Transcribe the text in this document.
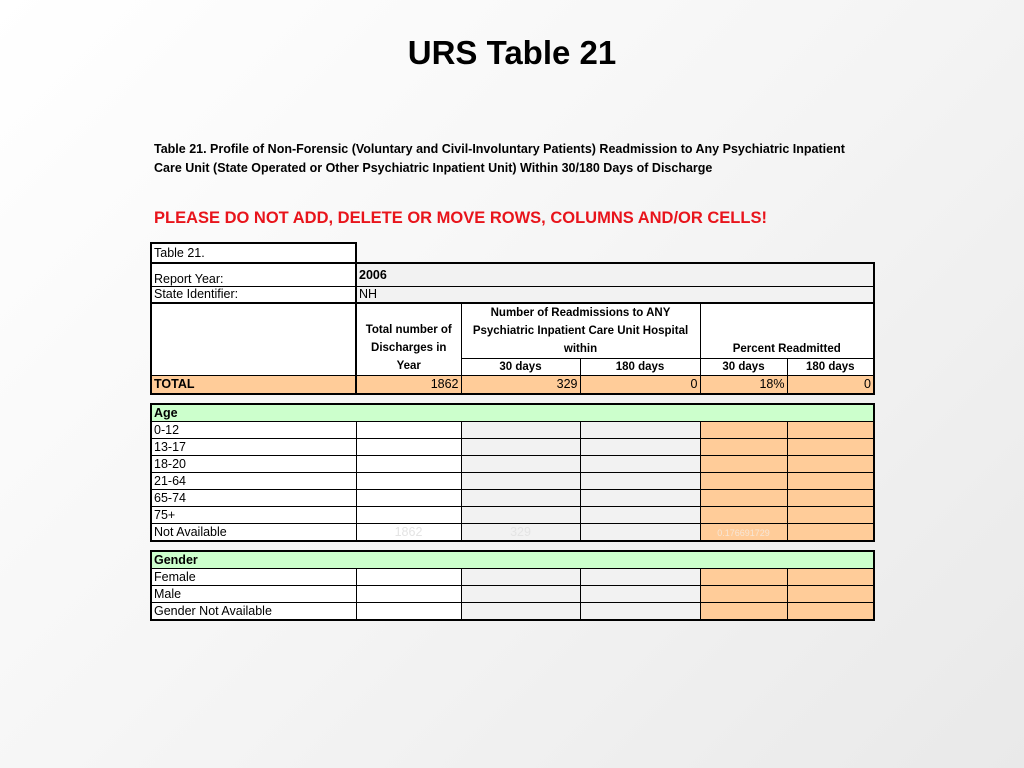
URS Table 21
Table 21. Profile of Non-Forensic (Voluntary and Civil-Involuntary Patients) Readmission to Any Psychiatric Inpatient Care Unit (State Operated or Other Psychiatric Inpatient Unit) Within 30/180 Days of Discharge
PLEASE DO NOT ADD, DELETE OR MOVE ROWS, COLUMNS AND/OR CELLS!
Table 21.					
Report Year:	2006				
State Identifier:	NH				
	Total number of Discharges in Year	Number of Readmissions to ANY Psychiatric Inpatient Care Unit Hospital within		Percent Readmitted	
		30 days	180 days	30 days	180 days
TOTAL	1862	329	0	18%	0

Age					
0-12					
13-17					
18-20					
21-64					
65-74					
75+					
Not Available	1862	329		0.176691729	

Gender					
Female					
Male					
Gender Not Available					
